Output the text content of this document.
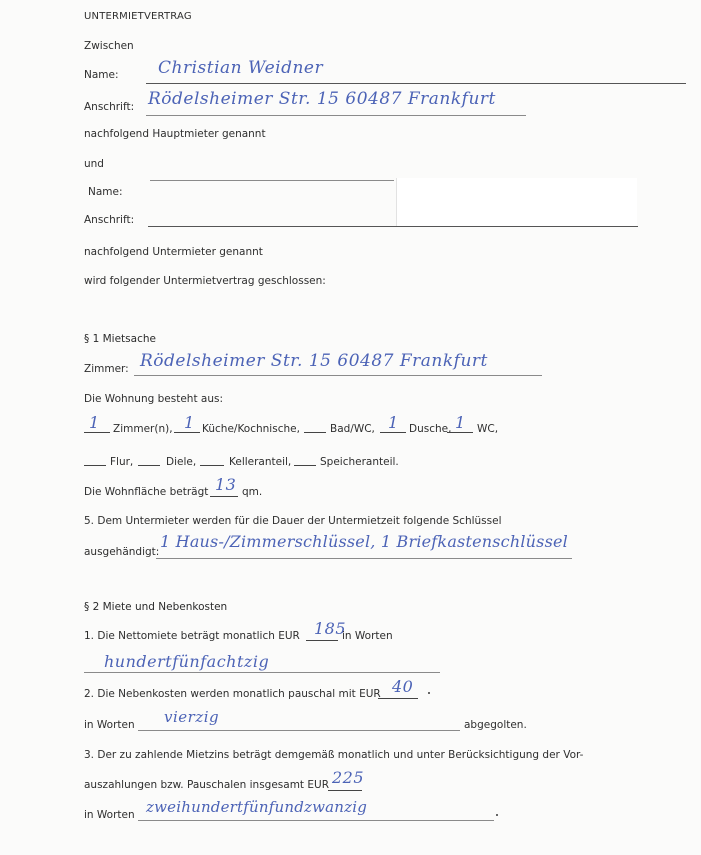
UNTERMIETVERTRAG
Zwischen
Name: Christian Weidner
Anschrift: Rödelsheimer Str. 15 60487 Frankfurt
nachfolgend Hauptmieter genannt
und
Name:
Anschrift:
nachfolgend Untermieter genannt
wird folgender Untermietvertrag geschlossen:
§ 1 Mietsache
Zimmer: Rödelsheimer Str. 15 60487 Frankfurt
Die Wohnung besteht aus:
1 Zimmer(n), 1 Küche/Kochnische,	Bad/WC, 1 Dusche, 1 WC,
Flur,	Diele,	Kelleranteil,	Speicheranteil.
Die Wohnfläche beträgt 13 qm.
5. Dem Untermieter werden für die Dauer der Untermietzeit folgende Schlüssel
ausgehändigt:
1 Haus-/Zimmerschlüssel, 1 Briefkastenschlüssel
§ 2 Miete und Nebenkosten
1. Die Nettomiete beträgt monatlich EUR 185
in Worten
hundertfünfachtzig
2. Die Nebenkosten werden monatlich pauschal mit EUR 40
in Worten vierzig	abgegolten.
3. Der zu zahlende Mietzins beträgt demgemäß monatlich und unter Berücksichtigung der Vor-
auszahlungen bzw. Pauschalen insgesamt EUR 225
in Worten zweihundertfünfundzwanzig
